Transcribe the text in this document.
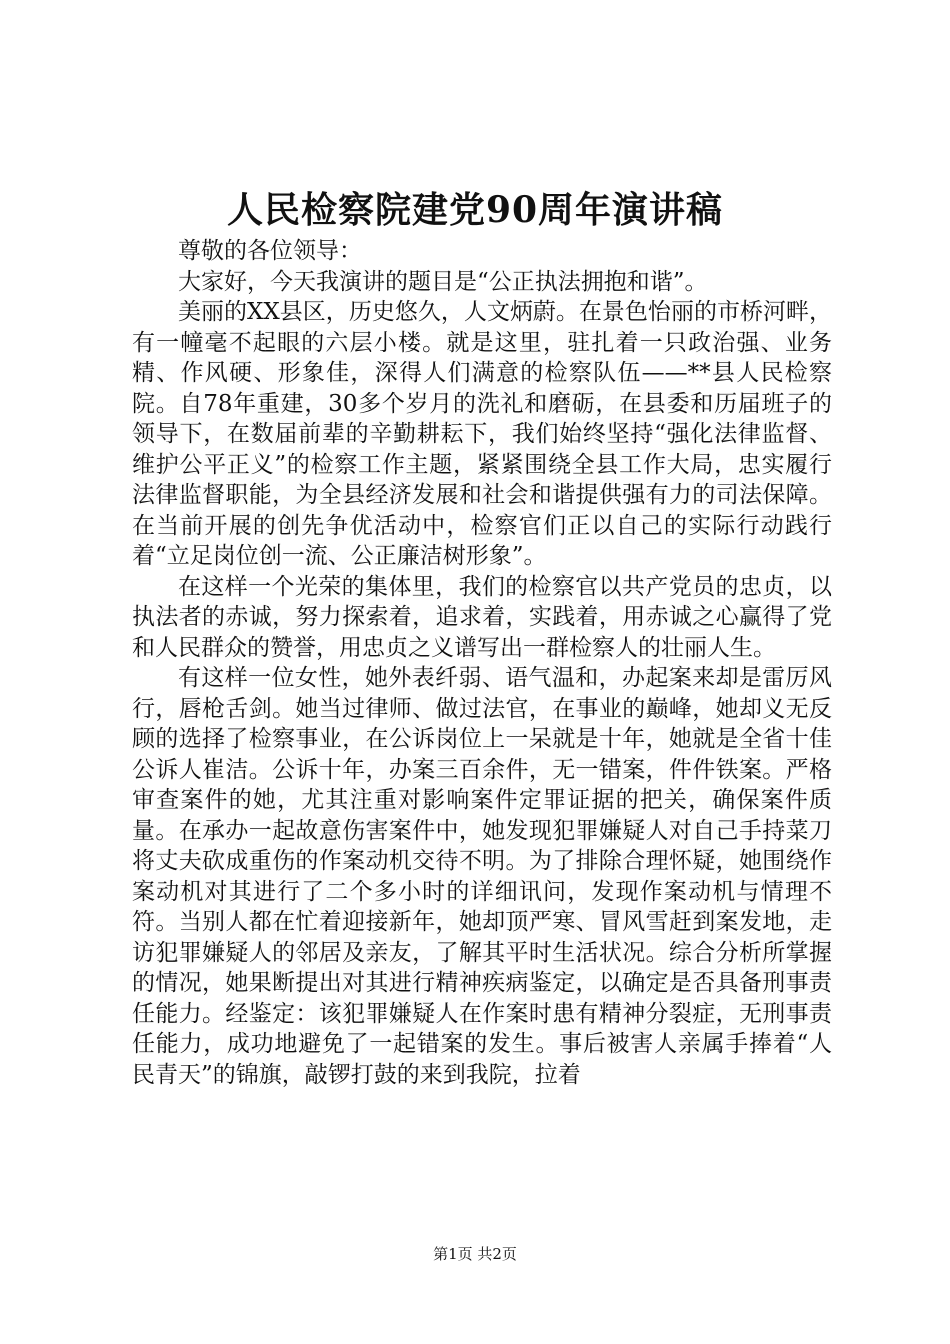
人民检察院建党90周年演讲稿

尊敬的各位领导：

大家好，今天我演讲的题目是“公正执法拥抱和谐”。

美丽的XX县区，历史悠久，人文炳蔚。在景色怡丽的市桥河畔，有一幢毫不起眼的六层小楼。就是这里，驻扎着一只政治强、业务精、作风硬、形象佳，深得人们满意的检察队伍——**县人民检察院。自78年重建，30多个岁月的洗礼和磨砺，在县委和历届班子的领导下，在数届前辈的辛勤耕耘下，我们始终坚持“强化法律监督、维护公平正义”的检察工作主题，紧紧围绕全县工作大局，忠实履行法律监督职能，为全县经济发展和社会和谐提供强有力的司法保障。在当前开展的创先争优活动中，检察官们正以自己的实际行动践行着“立足岗位创一流、公正廉洁树形象”。

在这样一个光荣的集体里，我们的检察官以共产党员的忠贞，以执法者的赤诚，努力探索着，追求着，实践着，用赤诚之心赢得了党和人民群众的赞誉，用忠贞之义谱写出一群检察人的壮丽人生。

有这样一位女性，她外表纤弱、语气温和，办起案来却是雷厉风行，唇枪舌剑。她当过律师、做过法官，在事业的巅峰，她却义无反顾的选择了检察事业，在公诉岗位上一呆就是十年，她就是全省十佳公诉人崔洁。公诉十年，办案三百余件，无一错案，件件铁案。严格审查案件的她，尤其注重对影响案件定罪证据的把关，确保案件质量。在承办一起故意伤害案件中，她发现犯罪嫌疑人对自己手持菜刀将丈夫砍成重伤的作案动机交待不明。为了排除合理怀疑，她围绕作案动机对其进行了二个多小时的详细讯问，发现作案动机与情理不符。当别人都在忙着迎接新年，她却顶严寒、冒风雪赶到案发地，走访犯罪嫌疑人的邻居及亲友，了解其平时生活状况。综合分析所掌握的情况，她果断提出对其进行精神疾病鉴定，以确定是否具备刑事责任能力。经鉴定：该犯罪嫌疑人在作案时患有精神分裂症，无刑事责任能力，成功地避免了一起错案的发生。事后被害人亲属手捧着“人民青天”的锦旗，敲锣打鼓的来到我院，拉着

第1页 共2页
